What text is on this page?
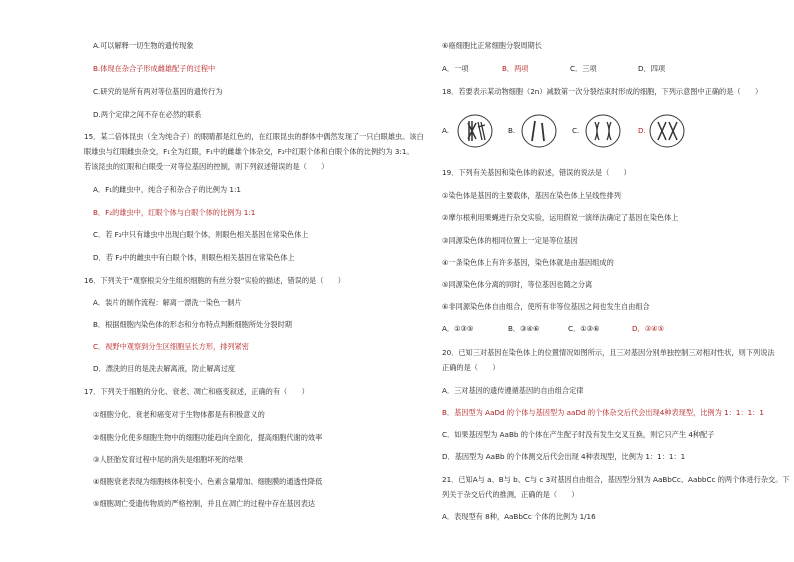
A.可以解释一切生物的遗传现象
B.体现在杂合子形成雌雄配子的过程中
C.研究的是所有两对等位基因的遗传行为
D.两个定律之间不存在必然的联系
15．某二倍体昆虫（全为纯合子）的眼睛都是红色的，在红眼昆虫的群体中偶然发现了一只白眼雄虫。该白
眼雄虫与红眼雌虫杂交，F₁全为红眼，F₁中的雌雄个体杂交，F₂中红眼个体和白眼个体的比例约为 3:1。
若该昆虫的红眼和白眼受一对等位基因的控制，则下列叙述错误的是（　　）
A．F₁的雌虫中，纯合子和杂合子的比例为 1:1
B．F₂的雄虫中，红眼个体与白眼个体的比例为 1:1
C．若 F₂中只有雄虫中出现白眼个体，则眼色相关基因在常染色体上
D．若 F₂中的雌虫中有白眼个体，则眼色相关基因在常染色体上
16．下列关于“观察根尖分生组织细胞的有丝分裂”实验的描述，错误的是（　　）
A．装片的制作流程：解离一漂洗一染色一制片
B．根据细胞内染色体的形态和分布特点判断细胞所处分裂时期
C．视野中观察到分生区细胞呈长方形，排列紧密
D．漂洗的目的是洗去解离液，防止解离过度
17．下列关于细胞的分化、衰老、凋亡和癌变叙述，正确的有（　　）
①细胞分化、衰老和癌变对于生物体都是有积极意义的
②细胞分化使多细胞生物中的细胞功能趋向全面化，提高细胞代谢的效率
③人胚胎发育过程中尾的消失是细胞坏死的结果
④细胞衰老表现为细胞核体积变小、色素含量增加、细胞膜的通透性降低
⑤细胞凋亡受遗传物质的严格控制，并且在凋亡的过程中存在基因表达
⑥癌细胞比正常细胞分裂周期长
A．一项	B．两项	C．三项	D．四项
18．若要表示某动物细胞（2n）减数第一次分裂结束时形成的细胞，下列示意图中正确的是（　　）
A.	B.	C.	D.
19．下列有关基因和染色体的叙述，错误的说法是（　　）
①染色体是基因的主要载体，基因在染色体上呈线性排列
②摩尔根利用果蝇进行杂交实验，运用假说一演绎法确定了基因在染色体上
③同源染色体的相同位置上一定是等位基因
④一条染色体上有许多基因，染色体就是由基因组成的
⑤同源染色体分离的同时，等位基因也随之分离
⑥非同源染色体自由组合，使所有非等位基因之间也发生自由组合
A．①③⑤	B．③④⑥	C．①③⑥	D．③④⑤
20．已知三对基因在染色体上的位置情况如图所示，且三对基因分别单独控制三对相对性状，则下列说法
正确的是（　　）
A．三对基因的遗传遵循基因的自由组合定律
B．基因型为 AaDd 的个体与基因型为 aaDd 的个体杂交后代会出现4种表现型，比例为 1：1：1：1
C．如果基因型为 AaBb 的个体在产生配子时没有发生交叉互换，则它只产生 4种配子
D．基因型为 AaBb 的个体测交后代会出现 4种表现型，比例为 1：1：1：1
21．已知A与 a、B与 b、C与 c 3对基因自由组合，基因型分别为 AaBbCc、AabbCc 的两个体进行杂交。下
列关于杂交后代的推测，正确的是（　　）
A．表现型有 8种，AaBbCc 个体的比例为 1/16
